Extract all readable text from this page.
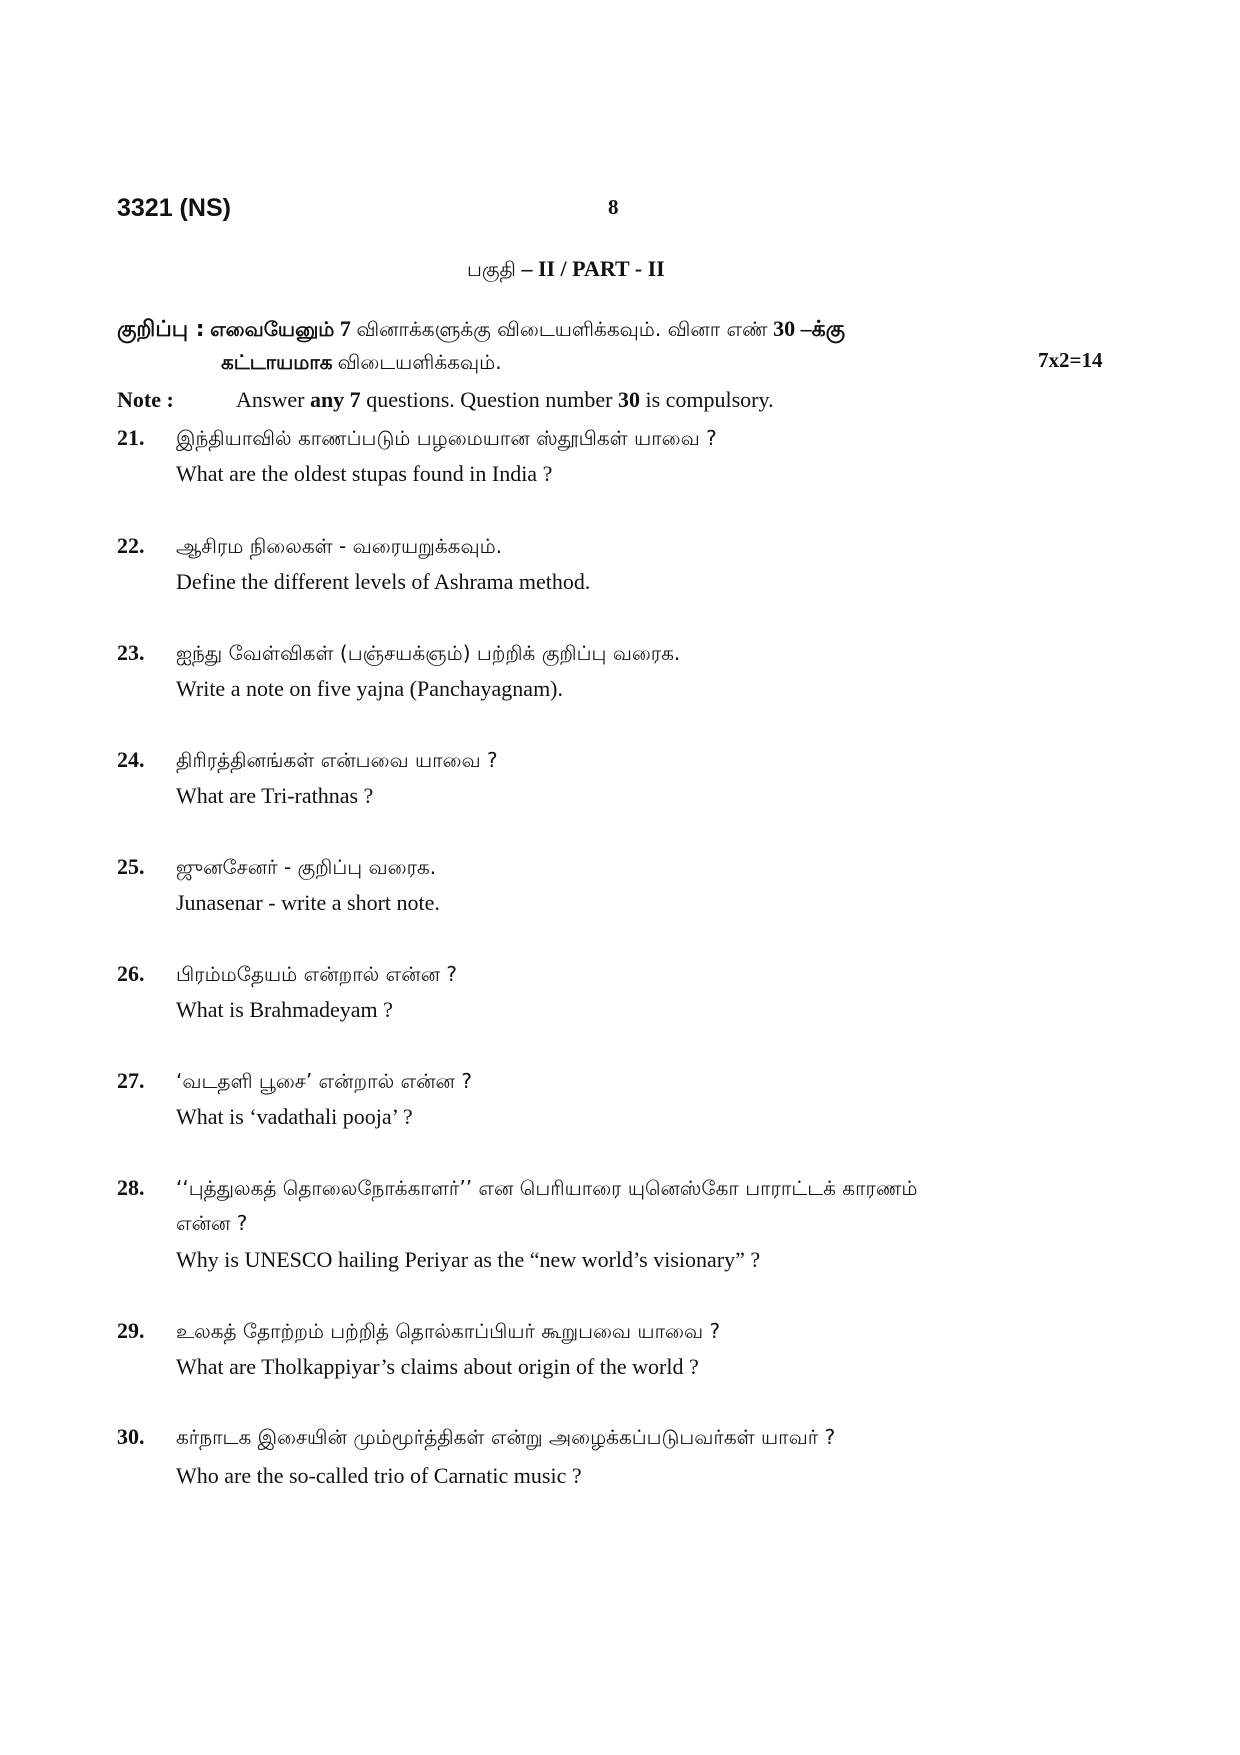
3321 (NS)	8
பகுதி – II / PART - II
குறிப்பு : எவையேனும் 7 வினாக்களுக்கு விடையளிக்கவும். வினா எண் 30 –க்கு
கட்டாயமாக விடையளிக்கவும்.	7x2=14
Note :	Answer any 7 questions. Question number 30 is compulsory.
21. இந்தியாவில் காணப்படும் பழமையான ஸ்தூபிகள் யாவை ?
What are the oldest stupas found in India ?
22. ஆசிரம நிலைகள் - வரையறுக்கவும்.
Define the different levels of Ashrama method.
23. ஐந்து வேள்விகள் (பஞ்சயக்ஞம்) பற்றிக் குறிப்பு வரைக.
Write a note on five yajna (Panchayagnam).
24. திரிரத்தினங்கள் என்பவை யாவை ?
What are Tri-rathnas ?
25. ஜுனசேனர் - குறிப்பு வரைக.
Junasenar - write a short note.
26. பிரம்மதேயம் என்றால் என்ன ?
What is Brahmadeyam ?
27. ‘வடதளி பூசை’ என்றால் என்ன ?
What is ‘vadathali pooja’ ?
28. ‘‘புத்துலகத் தொலைநோக்காளர்’’ என பெரியாரை யுனெஸ்கோ பாராட்டக் காரணம்
என்ன ?
Why is UNESCO hailing Periyar as the “new world’s visionary” ?
29. உலகத் தோற்றம் பற்றித் தொல்காப்பியர் கூறுபவை யாவை ?
What are Tholkappiyar’s claims about origin of the world ?
30. கர்நாடக இசையின் மும்மூர்த்திகள் என்று அழைக்கப்படுபவர்கள் யாவர் ?
Who are the so-called trio of Carnatic music ?
